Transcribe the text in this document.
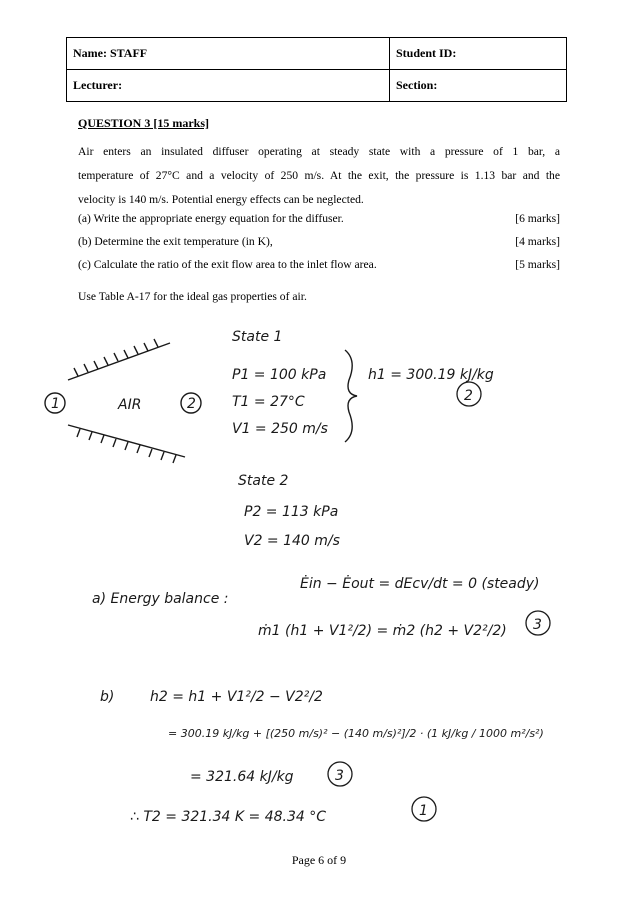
Name: STAFF	Student ID:
Lecturer:	Section:
QUESTION 3 [15 marks]
Air enters an insulated diffuser operating at steady state with a pressure of 1 bar, a
temperature of 27°C and a velocity of 250 m/s. At the exit, the pressure is 1.13 bar and the
velocity is 140 m/s. Potential energy effects can be neglected.
(a) Write the appropriate energy equation for the diffuser.	[6 marks]
(b) Determine the exit temperature (in K),	[4 marks]
(c) Calculate the ratio of the exit flow area to the inlet flow area.	[5 marks]
Use Table A-17 for the ideal gas properties of air.
1	2
AIR
State 1
P1 = 100 kPa
T1 = 27°C
V1 = 250 m/s
h1 = 300.19 kJ/kg
2
State 2
P2 = 113 kPa
V2 = 140 m/s
a) Energy balance :
Ėin − Ėout = dEcv/dt = 0 (steady)
ṁ1 (h1 + V1²/2) = ṁ2 (h2 + V2²/2) 3
b)	h2 = h1 + V1²/2 − V2²/2
= 300.19 kJ/kg + [(250 m/s)² − (140 m/s)²]/2 · (1 kJ/kg / 1000 m²/s²)
= 321.64 kJ/kg	3
∴ T2 = 321.34 K = 48.34 °C	1
Page 6 of 9
